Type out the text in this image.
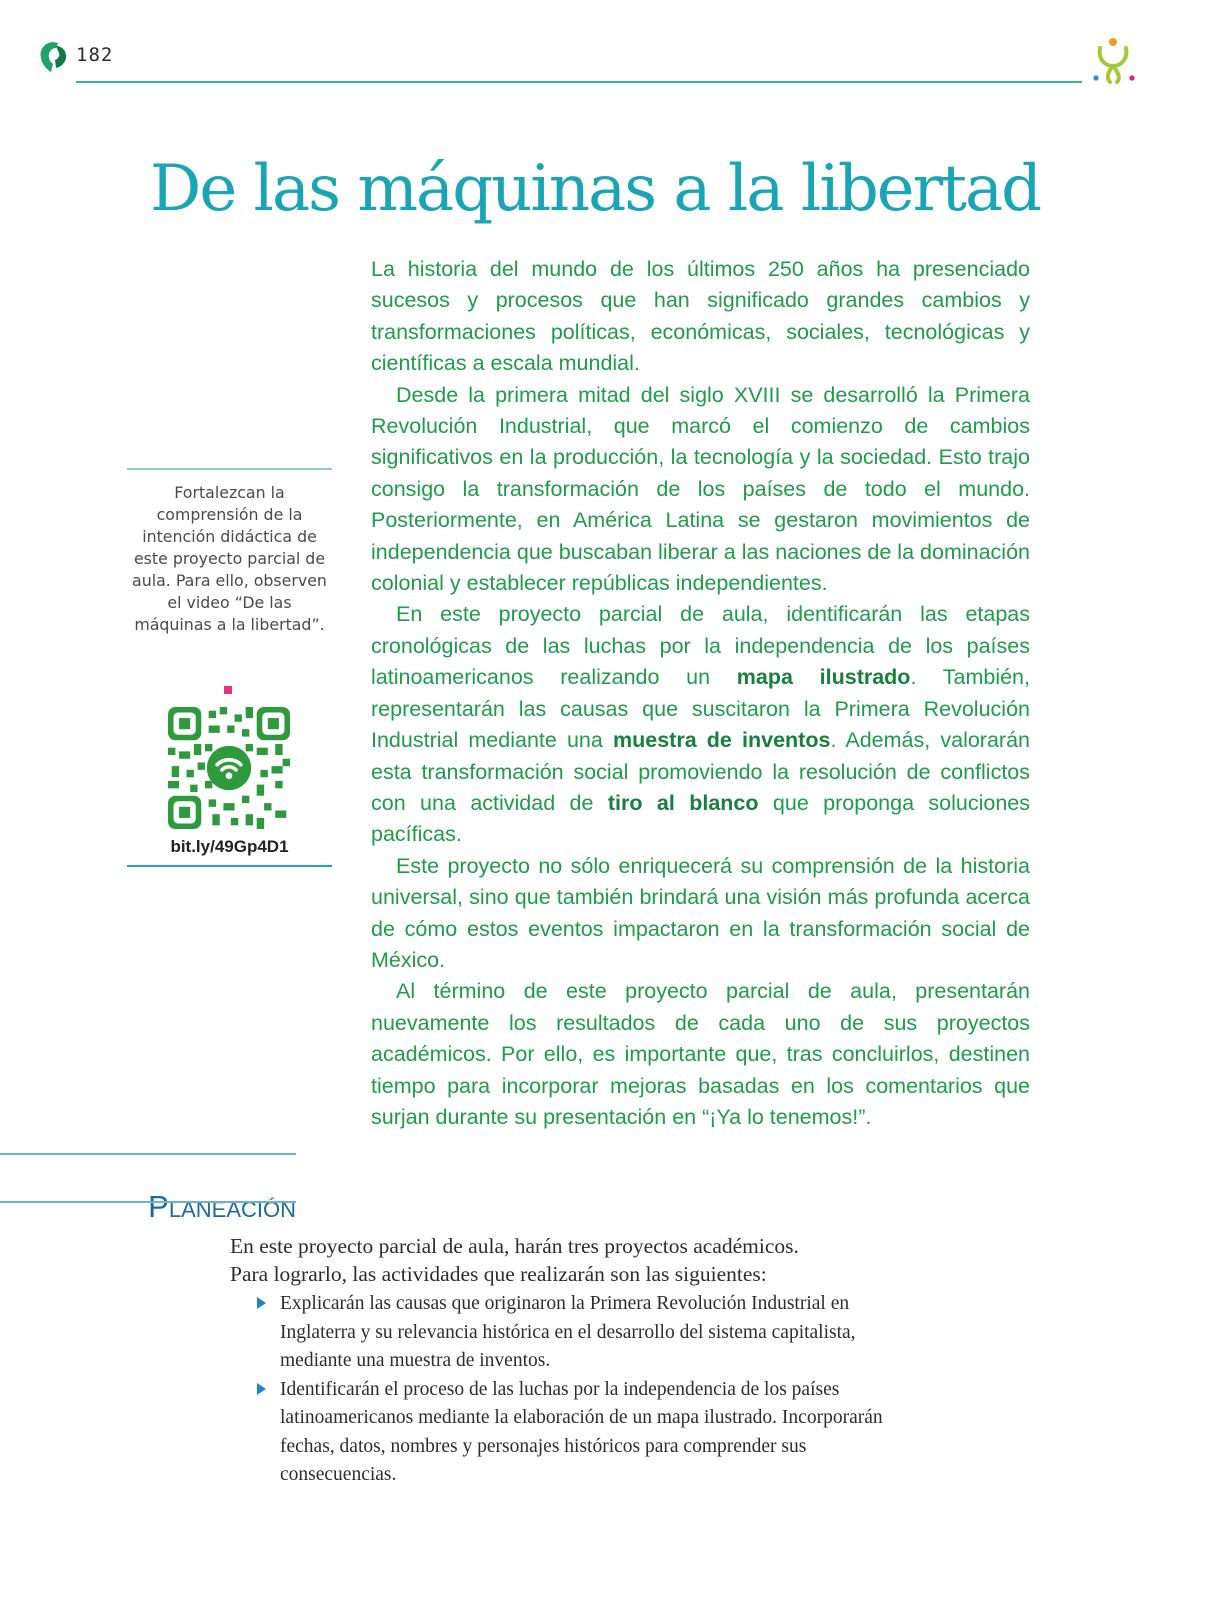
182
De las máquinas a la libertad

La historia del mundo de los últimos 250 años ha presenciado sucesos y procesos que han significado grandes cambios y transformaciones políticas, económicas, sociales, tecnológicas y científicas a escala mundial.

Desde la primera mitad del siglo XVIII se desarrolló la Primera Revolución Industrial, que marcó el comienzo de cambios significativos en la producción, la tecnología y la sociedad. Esto trajo consigo la transformación de los países de todo el mundo. Posteriormente, en América Latina se gestaron movimientos de independencia que buscaban liberar a las naciones de la dominación colonial y establecer repúblicas independientes.

En este proyecto parcial de aula, identificarán las etapas cronológicas de las luchas por la independencia de los países latinoamericanos realizando un mapa ilustrado. También, representarán las causas que suscitaron la Primera Revolución Industrial mediante una muestra de inventos. Además, valorarán esta transformación social promoviendo la resolución de conflictos con una actividad de tiro al blanco que proponga soluciones pacíficas.

Este proyecto no sólo enriquecerá su comprensión de la historia universal, sino que también brindará una visión más profunda acerca de cómo estos eventos impactaron en la transformación social de México.

Al término de este proyecto parcial de aula, presentarán nuevamente los resultados de cada uno de sus proyectos académicos. Por ello, es importante que, tras concluirlos, destinen tiempo para incorporar mejoras basadas en los comentarios que surjan durante su presentación en “¡Ya lo tenemos!”.

Fortalezcan la comprensión de la intención didáctica de este proyecto parcial de aula. Para ello, observen el video “De las máquinas a la libertad”.
bit.ly/49Gp4D1
Planeación

En este proyecto parcial de aula, harán tres proyectos académicos.

Para lograrlo, las actividades que realizarán son las siguientes:

Explicarán las causas que originaron la Primera Revolución Industrial en Inglaterra y su relevancia histórica en el desarrollo del sistema capitalista, mediante una muestra de inventos.
Identificarán el proceso de las luchas por la independencia de los países latinoamericanos mediante la elaboración de un mapa ilustrado. Incorporarán fechas, datos, nombres y personajes históricos para comprender sus consecuencias.
